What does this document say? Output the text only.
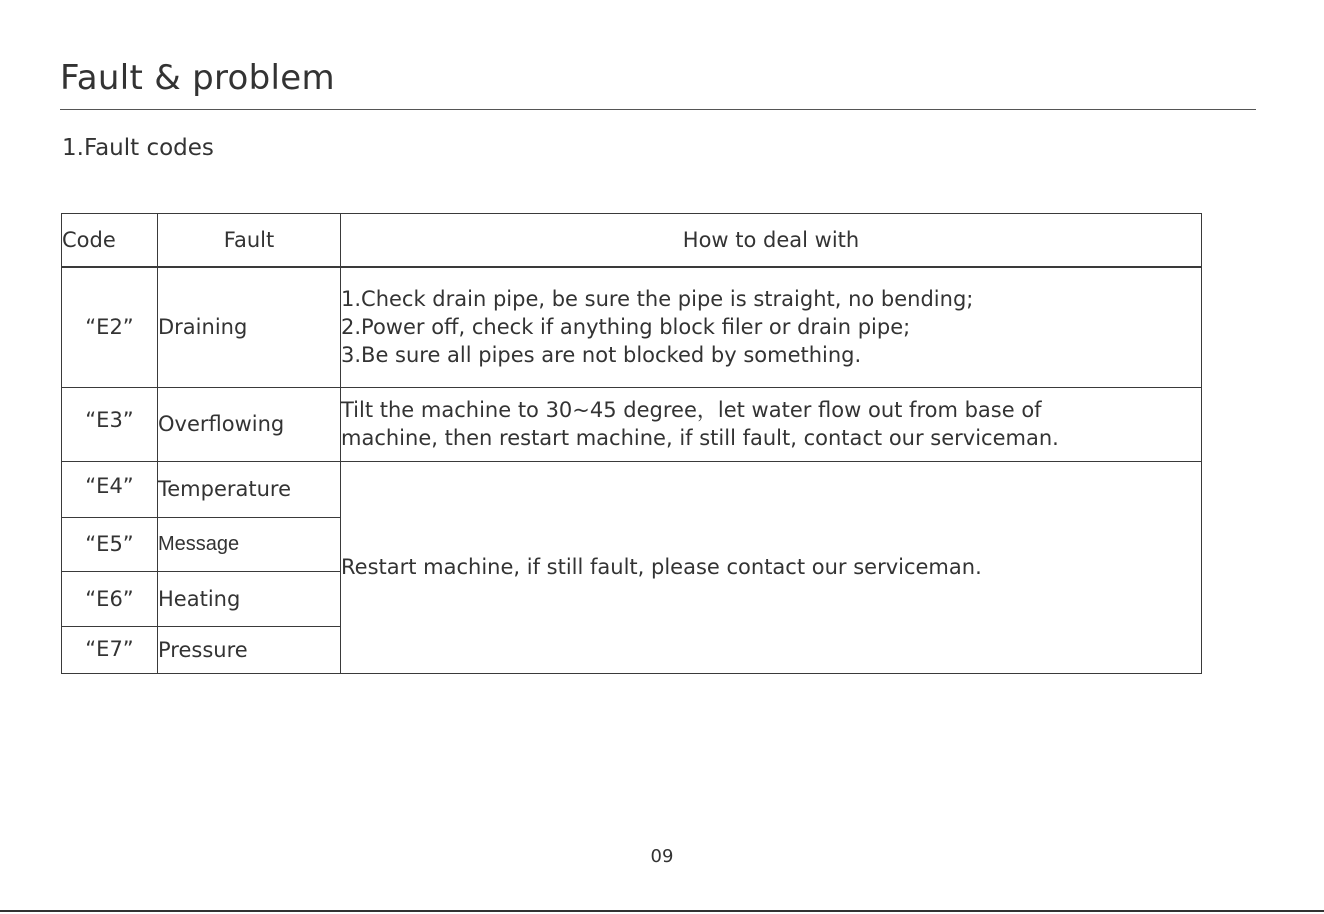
Fault & problem
1.Fault codes
Code	Fault	How to deal with
“E2”	Draining	1.Check drain pipe, be sure the pipe is straight, no bending;
2.Power off, check if anything block filer or drain pipe;
3.Be sure all pipes are not blocked by something.

“E3”	Overflowing	Tilt the machine to 30~45 degree，let water flow out from base of
machine, then restart machine, if still fault, contact our serviceman.

“E4”	Temperature	Restart machine, if still fault, please contact our serviceman.
“E5”	Message	
“E6”	Heating	
“E7”	Pressure	
09
